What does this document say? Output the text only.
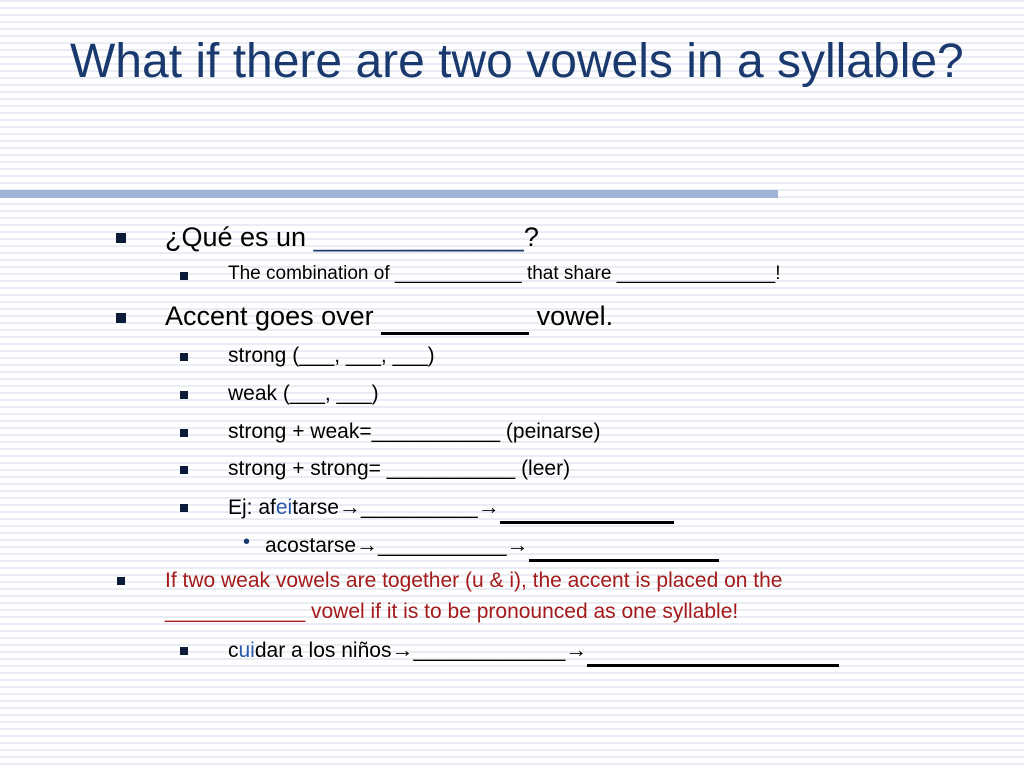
What if there are two vowels in a syllable?
¿Qué es un ______________?
The combination of ____________ that share _______________!
Accent goes over	vowel.
strong (___, ___, ___)
weak (___, ___)
strong + weak=___________ (peinarse)
strong + strong= ___________ (leer)
Ej: afeitarse→__________→
• acostarse→___________→
If two weak vowels are together (u & i), the accent is placed on the
____________ vowel if it is to be pronounced as one syllable!
cuidar a los niños→_____________→
